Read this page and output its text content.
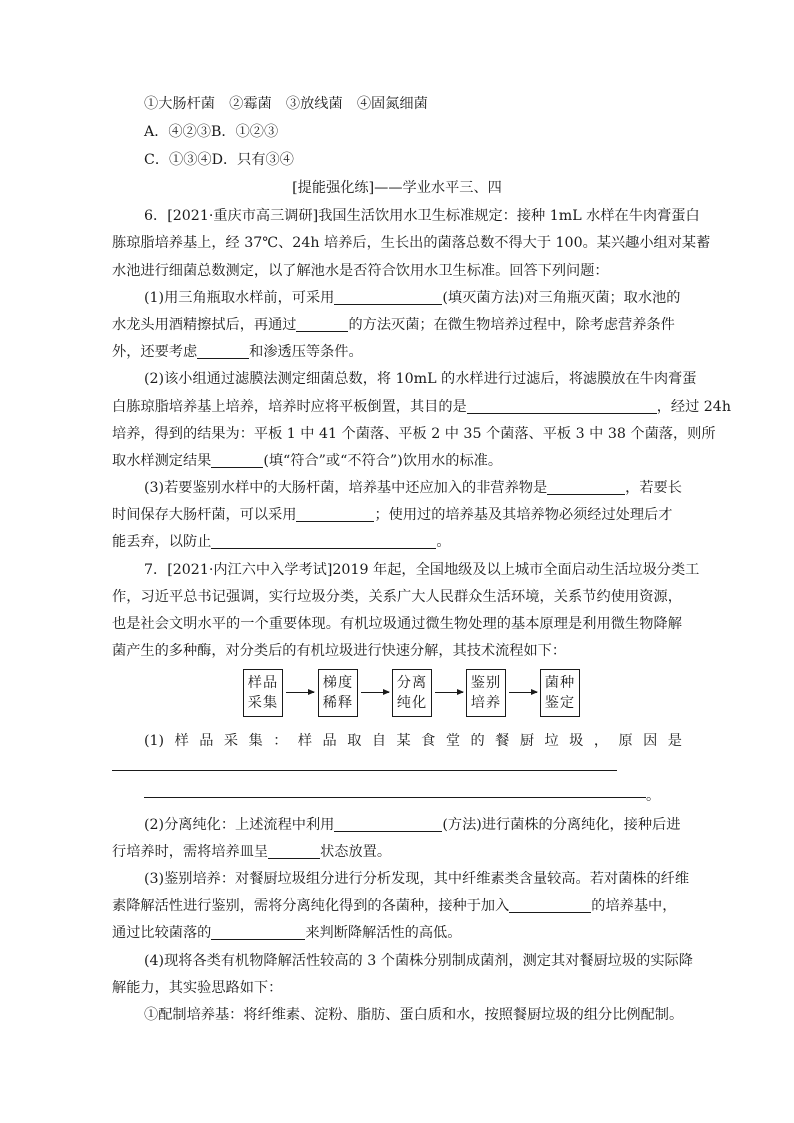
①大肠杆菌　②霉菌　③放线菌　④固氮细菌
A．④②③B．①②③
C．①③④D．只有③④
[提能强化练]——学业水平三、四
6．[2021·重庆市高三调研]我国生活饮用水卫生标准规定：接种 1mL 水样在牛肉膏蛋白
胨琼脂培养基上，经 37℃、24h 培养后，生长出的菌落总数不得大于 100。某兴趣小组对某蓄
水池进行细菌总数测定，以了解池水是否符合饮用水卫生标准。回答下列问题：
(1)用三角瓶取水样前，可采用	(填灭菌方法)对三角瓶灭菌；取水池的
水龙头用酒精擦拭后，再通过	的方法灭菌；在微生物培养过程中，除考虑营养条件
外，还要考虑	和渗透压等条件。
(2)该小组通过滤膜法测定细菌总数，将 10mL 的水样进行过滤后，将滤膜放在牛肉膏蛋
白胨琼脂培养基上培养，培养时应将平板倒置，其目的是	，经过 24h
培养，得到的结果为：平板 1 中 41 个菌落、平板 2 中 35 个菌落、平板 3 中 38 个菌落，则所
取水样测定结果	(填“符合”或“不符合”)饮用水的标准。
(3)若要鉴别水样中的大肠杆菌，培养基中还应加入的非营养物是	，若要长
时间保存大肠杆菌，可以采用	；使用过的培养基及其培养物必须经过处理后才
能丢弃，以防止	。
7．[2021·内江六中入学考试]2019 年起，全国地级及以上城市全面启动生活垃圾分类工
作，习近平总书记强调，实行垃圾分类，关系广大人民群众生活环境，关系节约使用资源，
也是社会文明水平的一个重要体现。有机垃圾通过微生物处理的基本原理是利用微生物降解
菌产生的多种酶，对分类后的有机垃圾进行快速分解，其技术流程如下：
样品
采集
梯度
稀释
分离
纯化
鉴别
培养
菌种
鉴定
(1)样品采集：样品取自某食堂的餐厨垃圾，原因是
。
(2)分离纯化：上述流程中利用	(方法)进行菌株的分离纯化，接种后进
行培养时，需将培养皿呈	状态放置。
(3)鉴别培养：对餐厨垃圾组分进行分析发现，其中纤维素类含量较高。若对菌株的纤维
素降解活性进行鉴别，需将分离纯化得到的各菌种，接种于加入	的培养基中，
通过比较菌落的	来判断降解活性的高低。
(4)现将各类有机物降解活性较高的 3 个菌株分别制成菌剂，测定其对餐厨垃圾的实际降
解能力，其实验思路如下：
①配制培养基：将纤维素、淀粉、脂肪、蛋白质和水，按照餐厨垃圾的组分比例配制。
